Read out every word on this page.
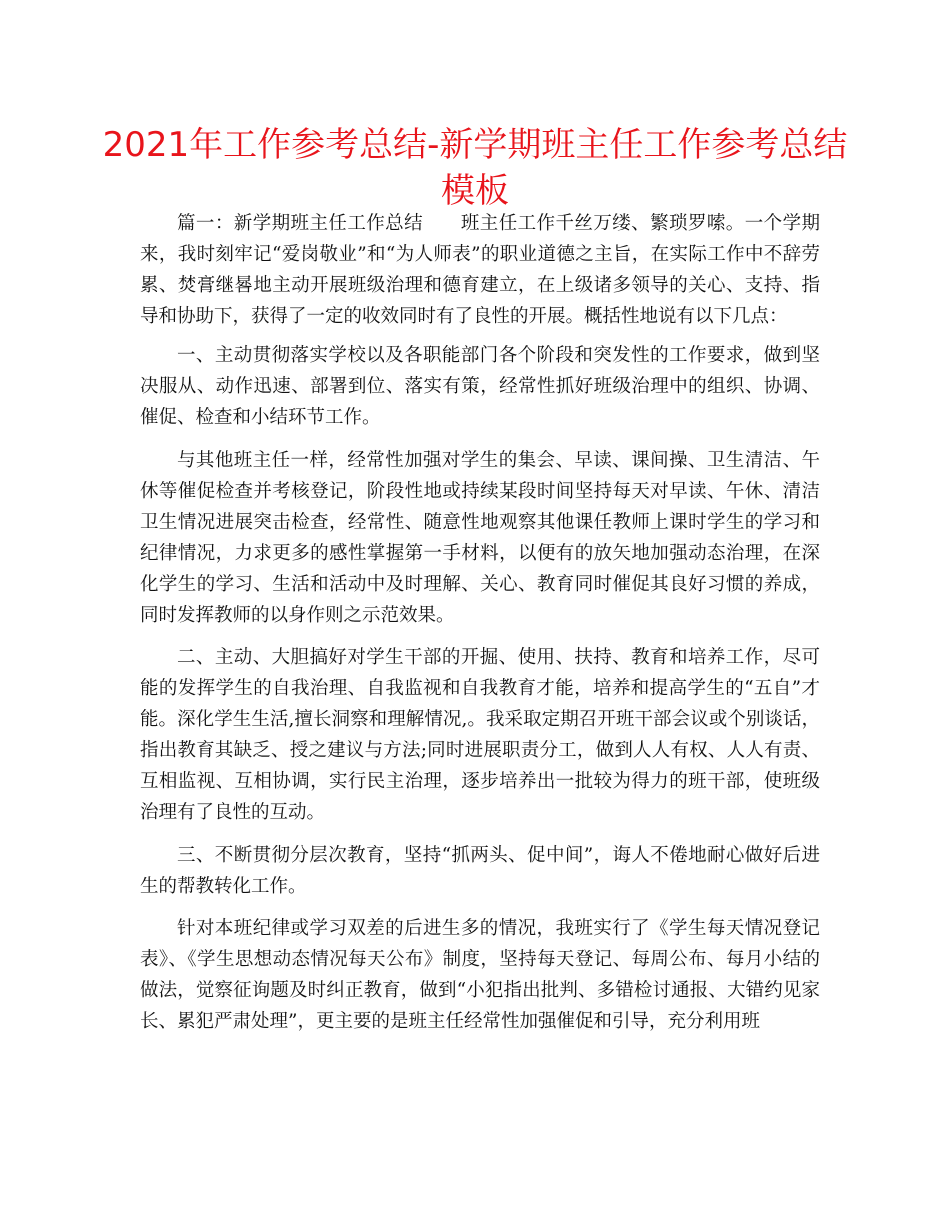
2021年工作参考总结-新学期班主任工作参考总结模板

篇一：新学期班主任工作总结　　班主任工作千丝万缕、繁琐罗嗦。一个学期来，我时刻牢记“爱岗敬业”和“为人师表”的职业道德之主旨，在实际工作中不辞劳累、焚膏继晷地主动开展班级治理和德育建立，在上级诸多领导的关心、支持、指导和协助下，获得了一定的收效同时有了良性的开展。概括性地说有以下几点：

一、主动贯彻落实学校以及各职能部门各个阶段和突发性的工作要求，做到坚决服从、动作迅速、部署到位、落实有策，经常性抓好班级治理中的组织、协调、催促、检查和小结环节工作。

与其他班主任一样，经常性加强对学生的集会、早读、课间操、卫生清洁、午休等催促检查并考核登记，阶段性地或持续某段时间坚持每天对早读、午休、清洁卫生情况进展突击检查，经常性、随意性地观察其他课任教师上课时学生的学习和纪律情况，力求更多的感性掌握第一手材料，以便有的放矢地加强动态治理，在深化学生的学习、生活和活动中及时理解、关心、教育同时催促其良好习惯的养成，同时发挥教师的以身作则之示范效果。

二、主动、大胆搞好对学生干部的开掘、使用、扶持、教育和培养工作，尽可能的发挥学生的自我治理、自我监视和自我教育才能，培养和提高学生的“五自”才能。深化学生生活,擅长洞察和理解情况,。我采取定期召开班干部会议或个别谈话，指出教育其缺乏、授之建议与方法;同时进展职责分工，做到人人有权、人人有责、互相监视、互相协调，实行民主治理，逐步培养出一批较为得力的班干部，使班级治理有了良性的互动。

三、不断贯彻分层次教育，坚持“抓两头、促中间”，诲人不倦地耐心做好后进生的帮教转化工作。

针对本班纪律或学习双差的后进生多的情况，我班实行了《学生每天情况登记表》、《学生思想动态情况每天公布》制度，坚持每天登记、每周公布、每月小结的做法，觉察征询题及时纠正教育，做到“小犯指出批判、多错检讨通报、大错约见家长、累犯严肃处理”，更主要的是班主任经常性加强催促和引导，充分利用班
